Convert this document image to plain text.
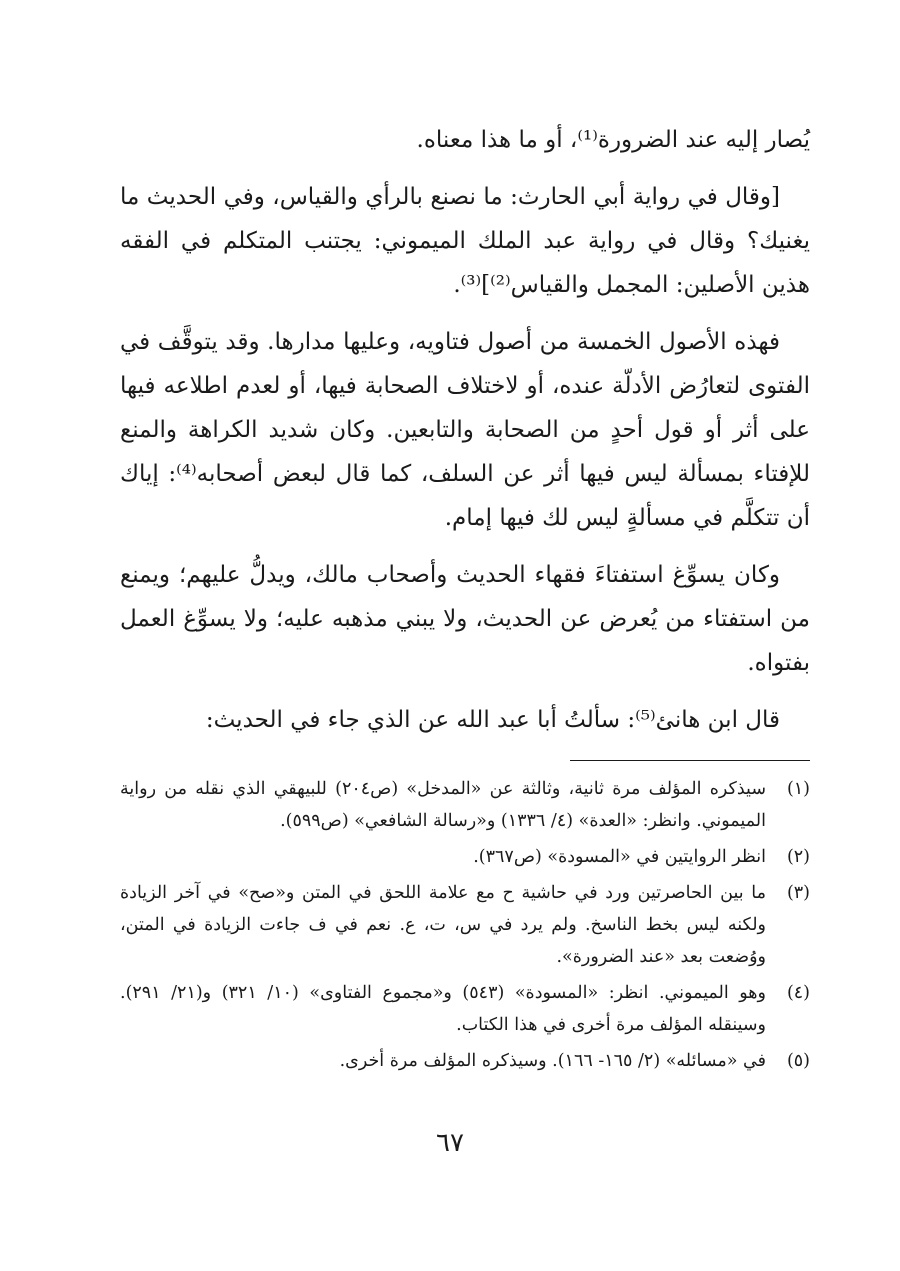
يُصار إليه عند الضرورة⁽¹⁾، أو ما هذا معناه.

[وقال في رواية أبي الحارث: ما نصنع بالرأي والقياس، وفي الحديث ما يغنيك؟ وقال في رواية عبد الملك الميموني: يجتنب المتكلم في الفقه هذين الأصلين: المجمل والقياس⁽²⁾]⁽³⁾.

فهذه الأصول الخمسة من أصول فتاويه، وعليها مدارها. وقد يتوقَّف في الفتوى لتعارُض الأدلّة عنده، أو لاختلاف الصحابة فيها، أو لعدم اطلاعه فيها على أثر أو قول أحدٍ من الصحابة والتابعين. وكان شديد الكراهة والمنع للإفتاء بمسألة ليس فيها أثر عن السلف، كما قال لبعض أصحابه⁽⁴⁾: إياك أن تتكلَّم في مسألةٍ ليس لك فيها إمام.

وكان يسوِّغ استفتاءَ فقهاء الحديث وأصحاب مالك، ويدلُّ عليهم؛ ويمنع من استفتاء من يُعرض عن الحديث، ولا يبني مذهبه عليه؛ ولا يسوِّغ العمل بفتواه.

قال ابن هانئ⁽⁵⁾: سألتُ أبا عبد الله عن الذي جاء في الحديث:

(١)
سيذكره المؤلف مرة ثانية، وثالثة عن «المدخل» (ص٢٠٤) للبيهقي الذي نقله من رواية الميموني. وانظر: «العدة» (٤/ ١٣٣٦) و«رسالة الشافعي» (ص٥٩٩).
(٢)
انظر الروايتين في «المسودة» (ص٣٦٧).
(٣)
ما بين الحاصرتين ورد في حاشية ح مع علامة اللحق في المتن و«صح» في آخر الزيادة ولكنه ليس بخط الناسخ. ولم يرد في س، ت، ع. نعم في ف جاءت الزيادة في المتن، ووُضعت بعد «عند الضرورة».
(٤)
وهو الميموني. انظر: «المسودة» (٥٤٣) و«مجموع الفتاوى» (١٠/ ٣٢١) و(٢١/ ٢٩١). وسينقله المؤلف مرة أخرى في هذا الكتاب.
(٥)
في «مسائله» (٢/ ١٦٥- ١٦٦). وسيذكره المؤلف مرة أخرى.
٦٧
